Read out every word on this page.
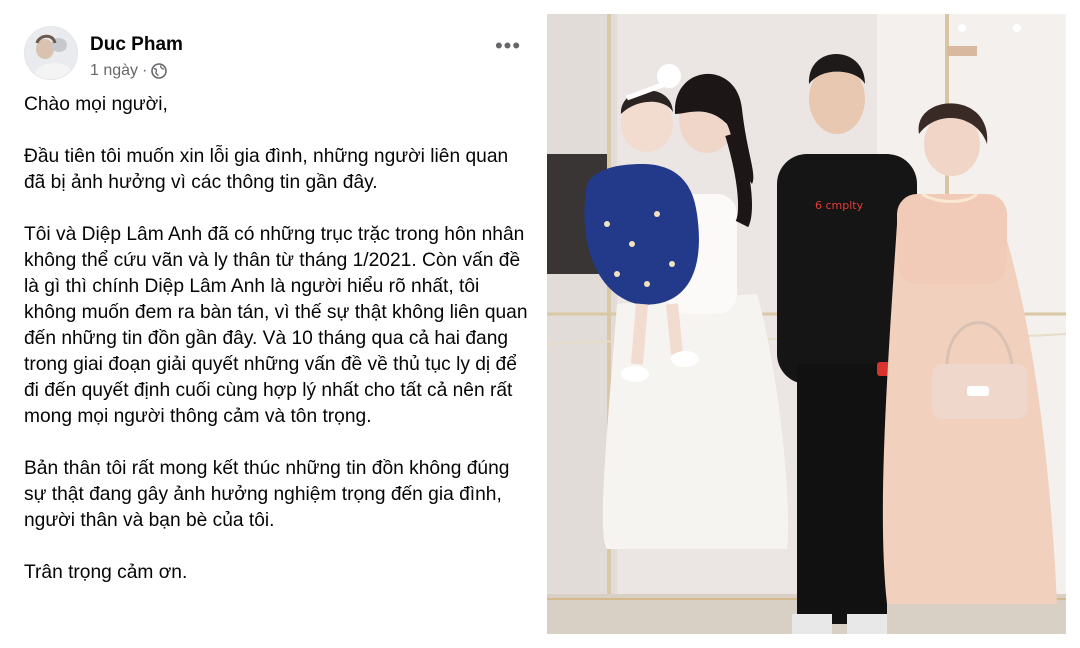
Duc Pham
1 ngày ·
•••

Chào mọi người,

Đầu tiên tôi muốn xin lỗi gia đình, những người liên quan đã bị ảnh hưởng vì các thông tin gần đây.

Tôi và Diệp Lâm Anh đã có những trục trặc trong hôn nhân không thể cứu vãn và ly thân từ tháng 1/2021. Còn vấn đề là gì thì chính Diệp Lâm Anh là người hiểu rõ nhất, tôi không muốn đem ra bàn tán, vì thế sự thật không liên quan đến những tin đồn gần đây. Và 10 tháng qua cả hai đang trong giai đoạn giải quyết những vấn đề về thủ tục ly dị để đi đến quyết định cuối cùng hợp lý nhất cho tất cả nên rất mong mọi người thông cảm và tôn trọng.

Bản thân tôi rất mong kết thúc những tin đồn không đúng sự thật đang gây ảnh hưởng nghiệm trọng đến gia đình, người thân và bạn bè của tôi.

Trân trọng cảm ơn.

6 cmplty
